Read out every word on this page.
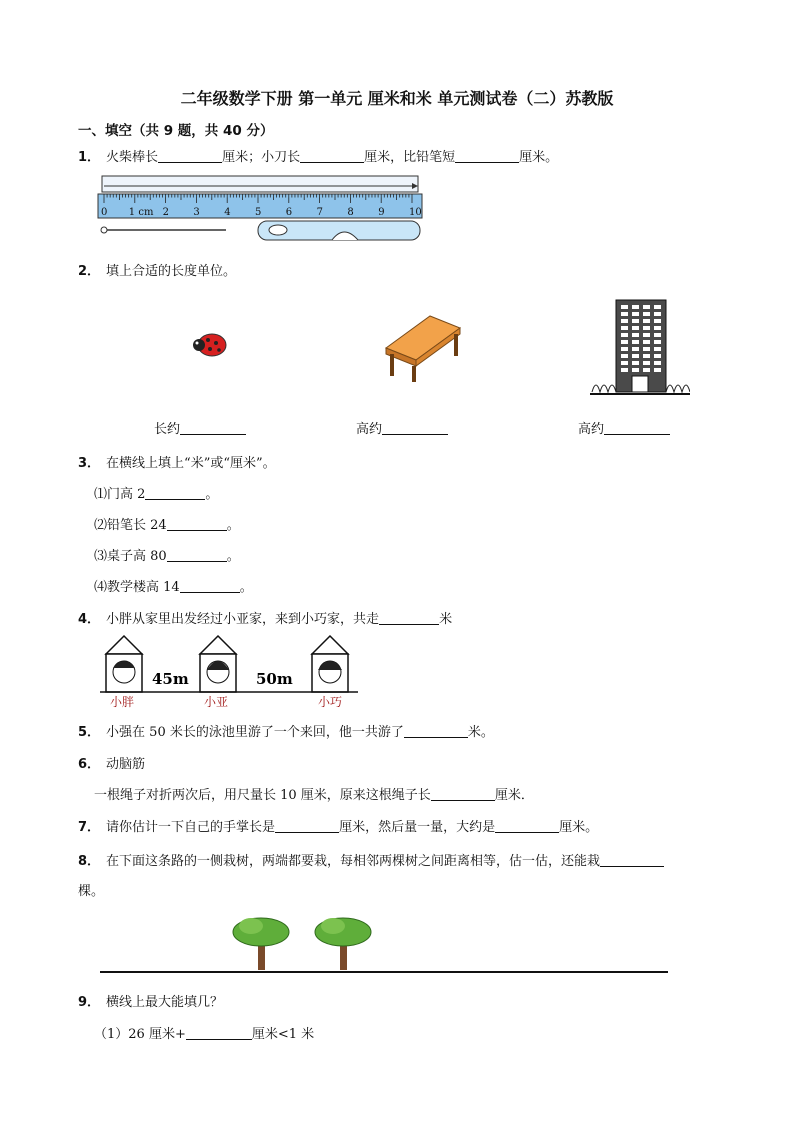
二年级数学下册 第一单元 厘米和米 单元测试卷（二）苏教版
一、填空（共 9 题，共 40 分）
1． 火柴棒长	厘米；小刀长	厘米，比铅笔短	厘米。
0 1 cm 2 3 4 5 6 7 8 9 10
2． 填上合适的长度单位。
长约	高约	高约
3． 在横线上填上“米”或“厘米”。
⑴门高 2	。
⑵铅笔长 24	。
⑶桌子高 80	。
⑷教学楼高 14	。
4． 小胖从家里出发经过小亚家，来到小巧家，共走	米
45m	50m
小胖	小亚	小巧
5． 小强在 50 米长的泳池里游了一个来回，他一共游了	米。
6． 动脑筋
一根绳子对折两次后，用尺量长 10 厘米，原来这根绳子长	厘米．
7． 请你估计一下自己的手掌长是	厘米，然后量一量，大约是	厘米。
8． 在下面这条路的一侧栽树，两端都要栽，每相邻两棵树之间距离相等，估一估，还能栽
棵。
9． 横线上最大能填几？
（1）26 厘米+	厘米<1 米
